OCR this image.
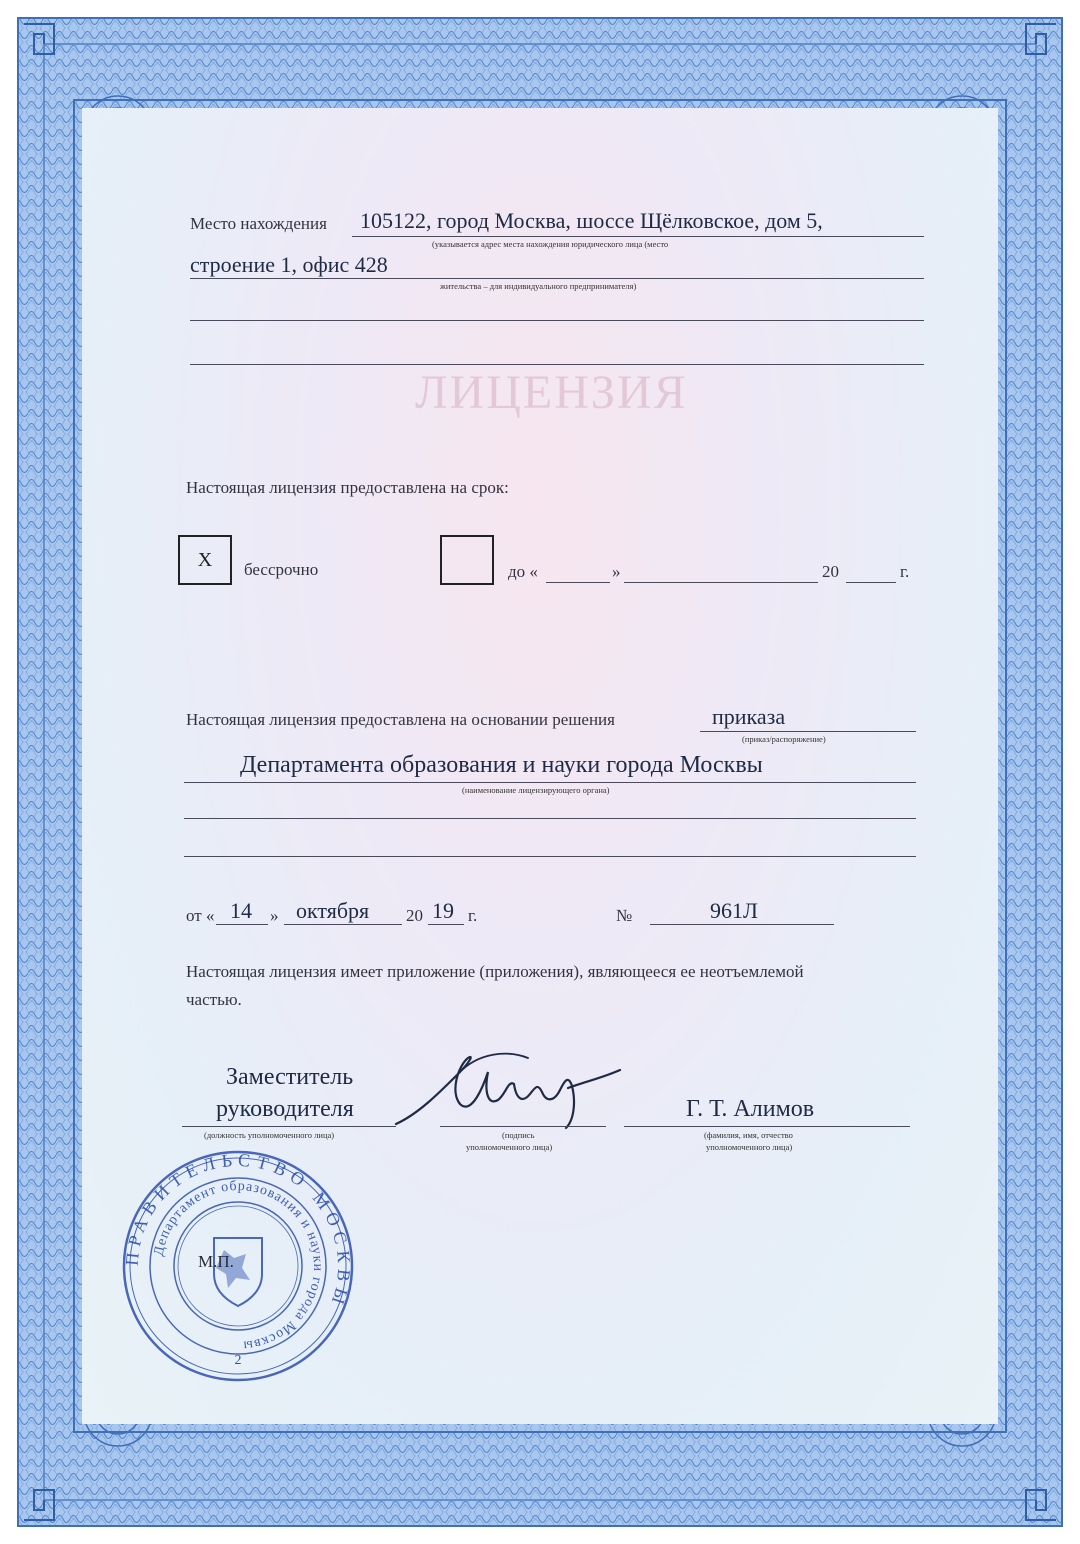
ЛИЦЕНЗИЯ
Место нахождения 105122, город Москва, шоссе Щёлковское, дом 5,
(указывается адрес места нахождения юридического лица (место
строение 1, офис 428
жительства – для индивидуального предпринимателя)
Настоящая лицензия предоставлена на срок:
X	бессрочно	до «	»	20	г.
Настоящая лицензия предоставлена на основании решения	приказа
(приказ/распоряжение)
Департамента образования и науки города Москвы
(наименование лицензирующего органа)
от « 14 » октября 20 19 г.	№	961Л
Настоящая лицензия имеет приложение (приложения), являющееся ее неотъемлемой
частью.
Заместитель
руководителя
(должность уполномоченного лица)	(подпись
уполномоченного лица)
Г. Т. Алимов
(фамилия, имя, отчество
уполномоченного лица)
ПРАВИТЕЛЬСТВО МОСКВЫ
Департамент образования и науки города Москвы
2
М.П.
